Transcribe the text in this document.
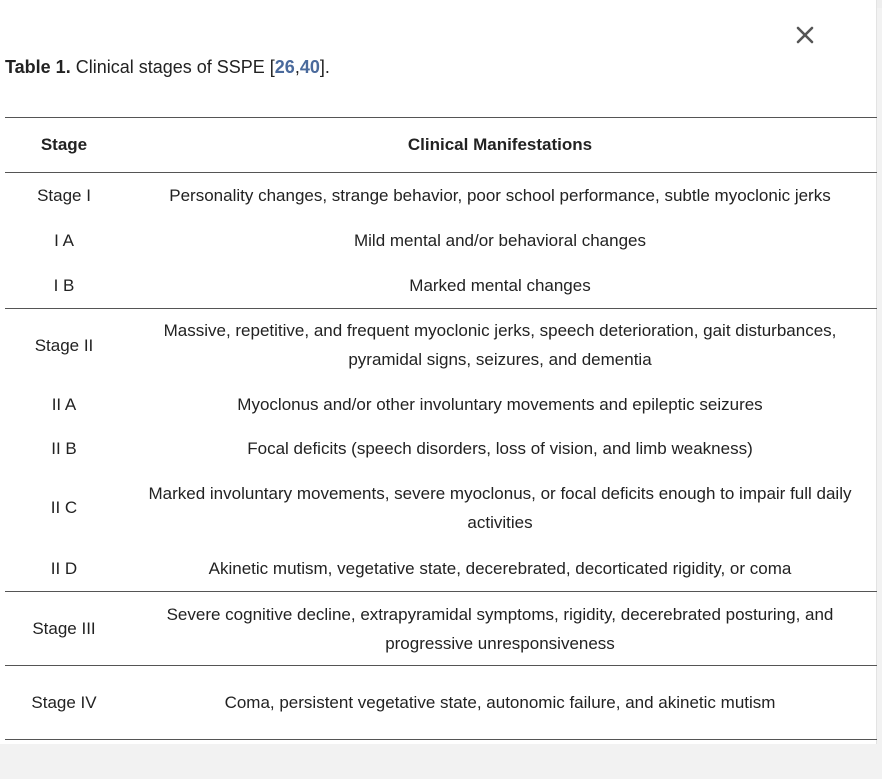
Table 1. Clinical stages of SSPE [26,40].
Stage	Clinical Manifestations
Stage I	Personality changes, strange behavior, poor school performance, subtle myoclonic jerks
I A	Mild mental and/or behavioral changes
I B	Marked mental changes
Stage II	Massive, repetitive, and frequent myoclonic jerks, speech deterioration, gait disturbances, pyramidal signs, seizures, and dementia
II A	Myoclonus and/or other involuntary movements and epileptic seizures
II B	Focal deficits (speech disorders, loss of vision, and limb weakness)
II C	Marked involuntary movements, severe myoclonus, or focal deficits enough to impair full daily activities
II D	Akinetic mutism, vegetative state, decerebrated, decorticated rigidity, or coma
Stage III	Severe cognitive decline, extrapyramidal symptoms, rigidity, decerebrated posturing, and progressive unresponsiveness
Stage IV	Coma, persistent vegetative state, autonomic failure, and akinetic mutism
